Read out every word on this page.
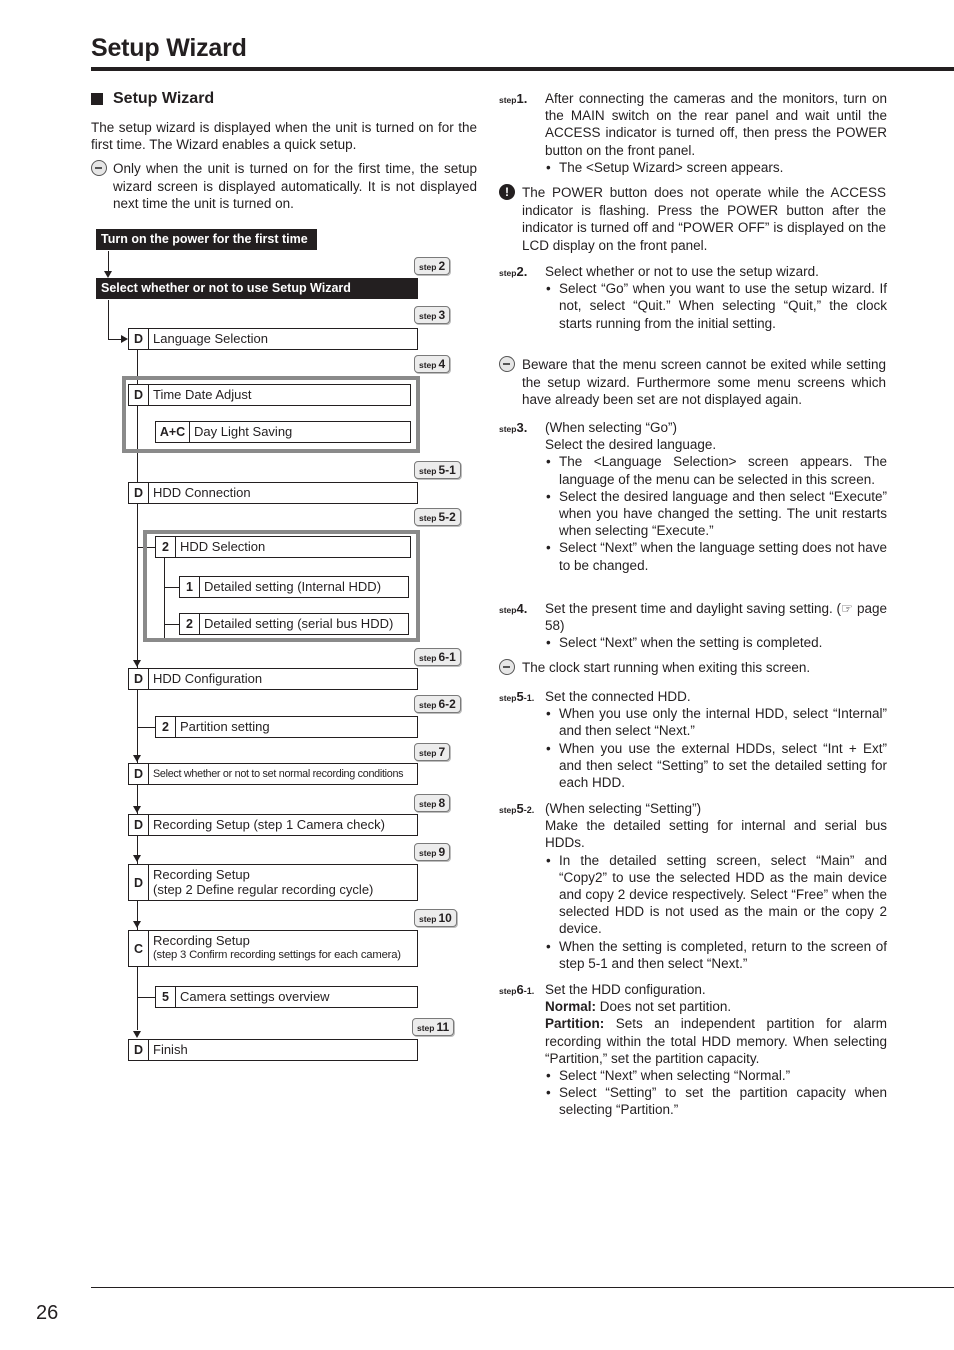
Setup Wizard
Setup Wizard
The setup wizard is displayed when the unit is turned on for the first time. The Wizard enables a quick setup.
Only when the unit is turned on for the first time, the setup wizard screen is displayed automatically. It is not displayed next time the unit is turned on.
Turn on the power for the first time
Select whether or not to use Setup Wizard
D Language Selection
D Time Date Adjust
A+C Day Light Saving
D HDD Connection
2 HDD Selection
1 Detailed setting (Internal HDD)
2 Detailed setting (serial bus HDD)
D HDD Configuration
2 Partition setting
D Select whether or not to set normal recording conditions
D Recording Setup (step 1 Camera check)
D
Recording Setup
(step 2 Define regular recording cycle)
C
Recording Setup
(step 3 Confirm recording settings for each camera)
5 Camera settings overview
D Finish
step 2
step 3
step 4
step 5-1
step 5-2
step 6-1
step 6-2
step 7
step 8
step 9
step 10
step 11
step1. After connecting the cameras and the monitors, turn on the MAIN switch on the rear panel and wait until the ACCESS indicator is turned off, then press the POWER button on the front panel.
• The <Setup Wizard> screen appears.
! The POWER button does not operate while the ACCESS indicator is flashing. Press the POWER button after the indicator is turned off and “POWER OFF” is displayed on the LCD display on the front panel.
step2. Select whether or not to use the setup wizard.
• Select “Go” when you want to use the setup wizard. If not, select “Quit.” When selecting “Quit,” the clock starts running from the initial setting.
Beware that the menu screen cannot be exited while setting the setup wizard. Furthermore some menu screens which have already been set are not displayed again.
step3. (When selecting “Go”)
Select the desired language.
• The <Language Selection> screen appears. The language of the menu can be selected in this screen.
• Select the desired language and then select “Execute” when you have changed the setting. The unit restarts when selecting “Execute.”
• Select “Next” when the language setting does not have to be changed.
step4. Set the present time and daylight saving setting. (☞ page 58)
• Select “Next” when the setting is completed.
The clock start running when exiting this screen.
step5-1. Set the connected HDD.
• When you use only the internal HDD, select “Internal” and then select “Next.”
• When you use the external HDDs, select “Int + Ext” and then select “Setting” to set the detailed setting for each HDD.
step5-2. (When selecting “Setting”)
Make the detailed setting for internal and serial bus HDDs.
• In the detailed setting screen, select “Main” and “Copy2” to use the selected HDD as the main device and copy 2 device respectively. Select “Free” when the selected HDD is not used as the main or the copy 2 device.
• When the setting is completed, return to the screen of step 5-1 and then select “Next.”
step6-1. Set the HDD configuration.
Normal: Does not set partition.
Partition: Sets an independent partition for alarm recording within the total HDD memory. When selecting “Partition,” set the partition capacity.
• Select “Next” when selecting “Normal.”
• Select “Setting” to set the partition capacity when selecting “Partition.”
26
